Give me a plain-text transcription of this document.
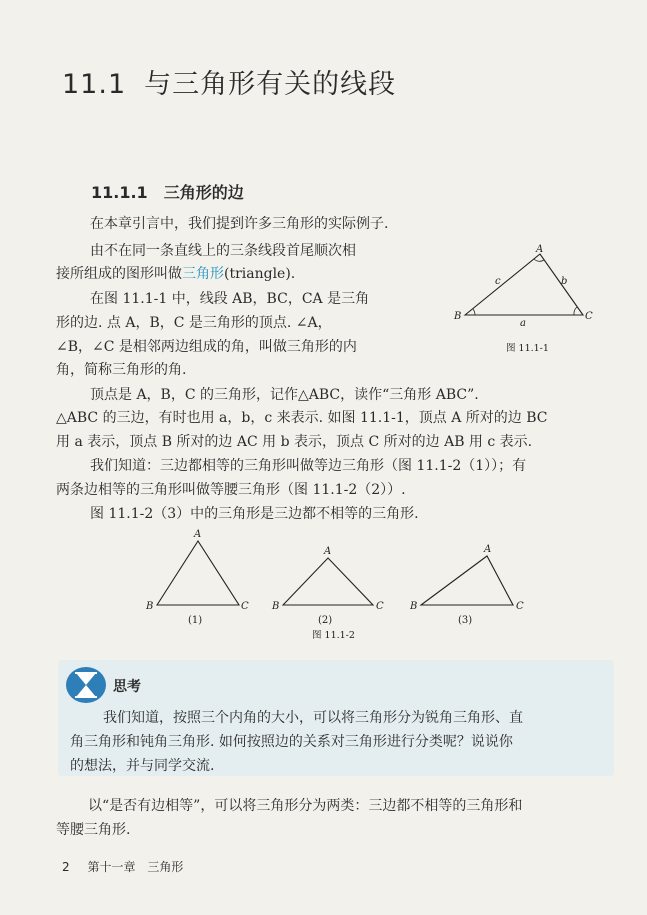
11.1 与三角形有关的线段
11.1.1 三角形的边

在本章引言中，我们提到许多三角形的实际例子.

由不在同一条直线上的三条线段首尾顺次相

接所组成的图形叫做三角形(triangle).

在图 11.1-1 中，线段 AB，BC，CA 是三角

形的边. 点 A，B，C 是三角形的顶点. ∠A，

∠B，∠C 是相邻两边组成的角，叫做三角形的内

角，简称三角形的角.

A
B	C
a
b
c
图 11.1-1

顶点是 A，B，C 的三角形，记作△ABC，读作“三角形 ABC”.

△ABC 的三边，有时也用 a，b，c 来表示. 如图 11.1-1，顶点 A 所对的边 BC

用 a 表示，顶点 B 所对的边 AC 用 b 表示，顶点 C 所对的边 AB 用 c 表示.

我们知道：三边都相等的三角形叫做等边三角形（图 11.1-2（1））；有

两条边相等的三角形叫做等腰三角形（图 11.1-2（2））.

图 11.1-2（3）中的三角形是三边都不相等的三角形.

A
B	C
(1)
A
B	C
(2)
A
B	C
(3)
图 11.1-2
思考

我们知道，按照三个内角的大小，可以将三角形分为锐角三角形、直

角三角形和钝角三角形. 如何按照边的关系对三角形进行分类呢？说说你

的想法，并与同学交流.

以“是否有边相等”，可以将三角形分为两类：三边都不相等的三角形和

等腰三角形.

2 第十一章 三角形
